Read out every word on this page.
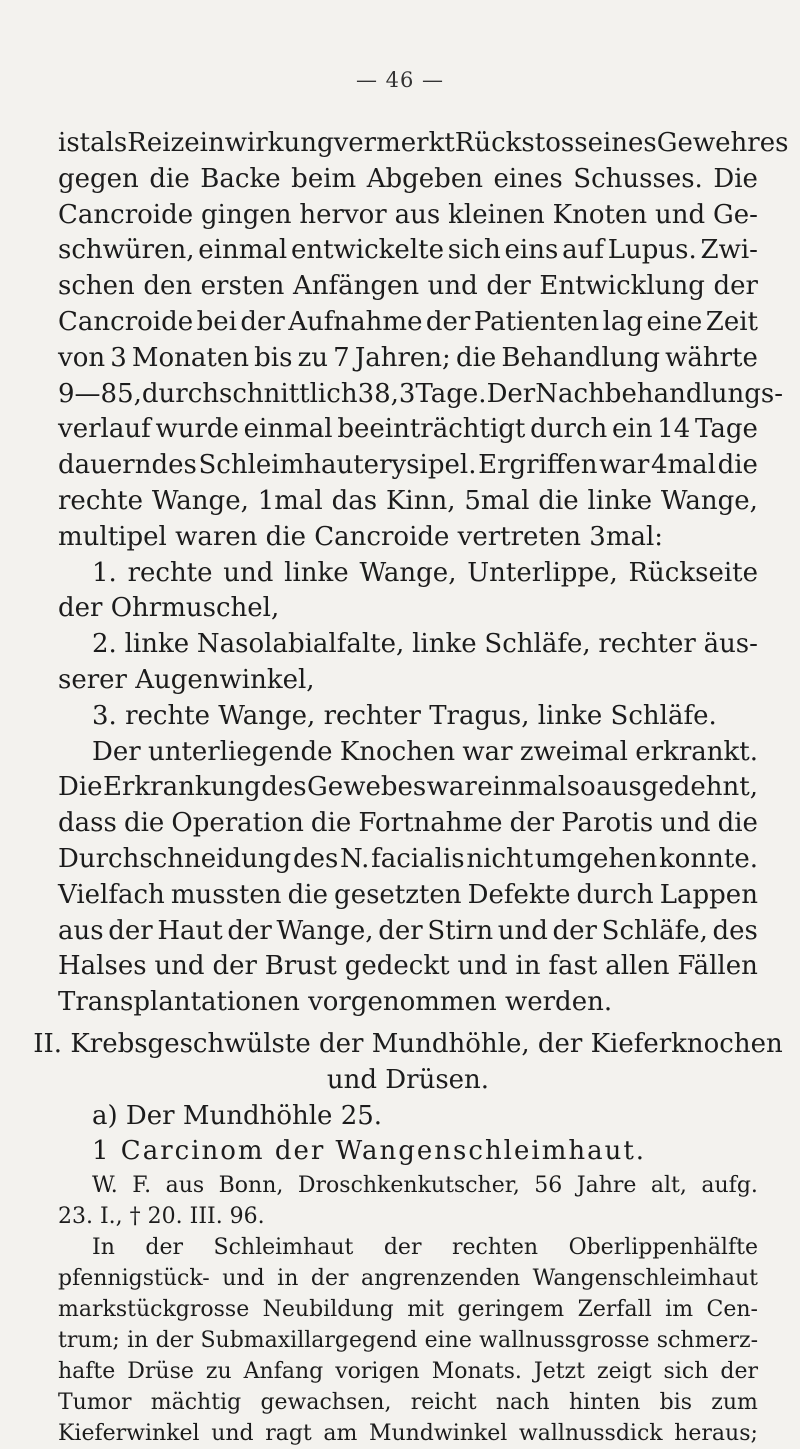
— 46 —
ist als Reizeinwirkung vermerkt Rückstoss eines Gewehres
gegen die Backe beim Abgeben eines Schusses. Die
Cancroide gingen hervor aus kleinen Knoten und Ge-
schwüren, einmal entwickelte sich eins auf Lupus. Zwi-
schen den ersten Anfängen und der Entwicklung der
Cancroide bei der Aufnahme der Patienten lag eine Zeit
von 3 Monaten bis zu 7 Jahren; die Behandlung währte
9—85, durchschnittlich 38,3 Tage. Der Nachbehandlungs-
verlauf wurde einmal beeinträchtigt durch ein 14 Tage
dauerndes Schleimhauterysipel. Ergriffen war 4mal die
rechte Wange, 1mal das Kinn, 5mal die linke Wange,
multipel waren die Cancroide vertreten 3mal:
1. rechte und linke Wange, Unterlippe, Rückseite
der Ohrmuschel,
2. linke Nasolabialfalte, linke Schläfe, rechter äus-
serer Augenwinkel,
3. rechte Wange, rechter Tragus, linke Schläfe.
Der unterliegende Knochen war zweimal erkrankt.
Die Erkrankung des Gewebes war einmal so ausgedehnt,
dass die Operation die Fortnahme der Parotis und die
Durchschneidung des N. facialis nicht umgehen konnte.
Vielfach mussten die gesetzten Defekte durch Lappen
aus der Haut der Wange, der Stirn und der Schläfe, des
Halses und der Brust gedeckt und in fast allen Fällen
Transplantationen vorgenommen werden.
II. Krebsgeschwülste der Mundhöhle, der Kieferknochen
und Drüsen.
a) Der Mundhöhle 25.
1 Carcinom der Wangenschleimhaut.
W. F. aus Bonn, Droschkenkutscher, 56 Jahre alt, aufg.
23. I., † 20. III. 96.
In der Schleimhaut der rechten Oberlippenhälfte
pfennigstück- und in der angrenzenden Wangenschleimhaut
markstückgrosse Neubildung mit geringem Zerfall im Cen-
trum; in der Submaxillargegend eine wallnussgrosse schmerz-
hafte Drüse zu Anfang vorigen Monats. Jetzt zeigt sich der
Tumor mächtig gewachsen, reicht nach hinten bis zum
Kieferwinkel und ragt am Mundwinkel wallnussdick heraus;
